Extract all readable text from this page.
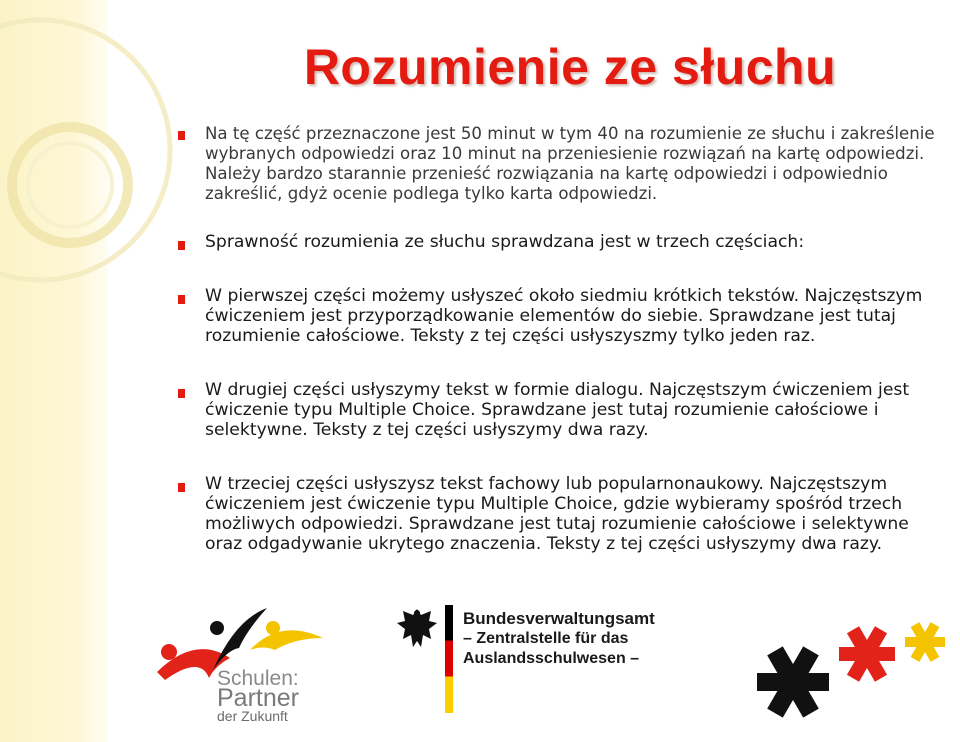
Rozumienie ze słuchu
Na tę część przeznaczone jest 50 minut w tym 40 na rozumienie ze słuchu i zakreślenie wybranych odpowiedzi oraz 10 minut na przeniesienie rozwiązań na kartę odpowiedzi. Należy bardzo starannie przenieść rozwiązania na kartę odpowiedzi i odpowiednio zakreślić, gdyż ocenie podlega tylko karta odpowiedzi.
Sprawność rozumienia ze słuchu sprawdzana jest w trzech częściach:
W pierwszej części możemy usłyszeć około siedmiu krótkich tekstów. Najczęstszym ćwiczeniem jest przyporządkowanie elementów do siebie. Sprawdzane jest tutaj rozumienie całościowe. Teksty z tej części usłyszyszmy tylko jeden raz.
W drugiej części usłyszymy tekst w formie dialogu. Najczęstszym ćwiczeniem jest ćwiczenie typu Multiple Choice. Sprawdzane jest tutaj rozumienie całościowe i selektywne. Teksty z tej części usłyszymy dwa razy.
W trzeciej części usłyszysz tekst fachowy lub popularnonaukowy. Najczęstszym ćwiczeniem jest ćwiczenie typu Multiple Choice, gdzie wybieramy spośród trzech możliwych odpowiedzi. Sprawdzane jest tutaj rozumienie całościowe i selektywne oraz odgadywanie ukrytego znaczenia. Teksty z tej części usłyszymy dwa razy.
Schulen:
Partner
der Zukunft
Bundesverwaltungsamt
– Zentralstelle für das
Auslandsschulwesen –
